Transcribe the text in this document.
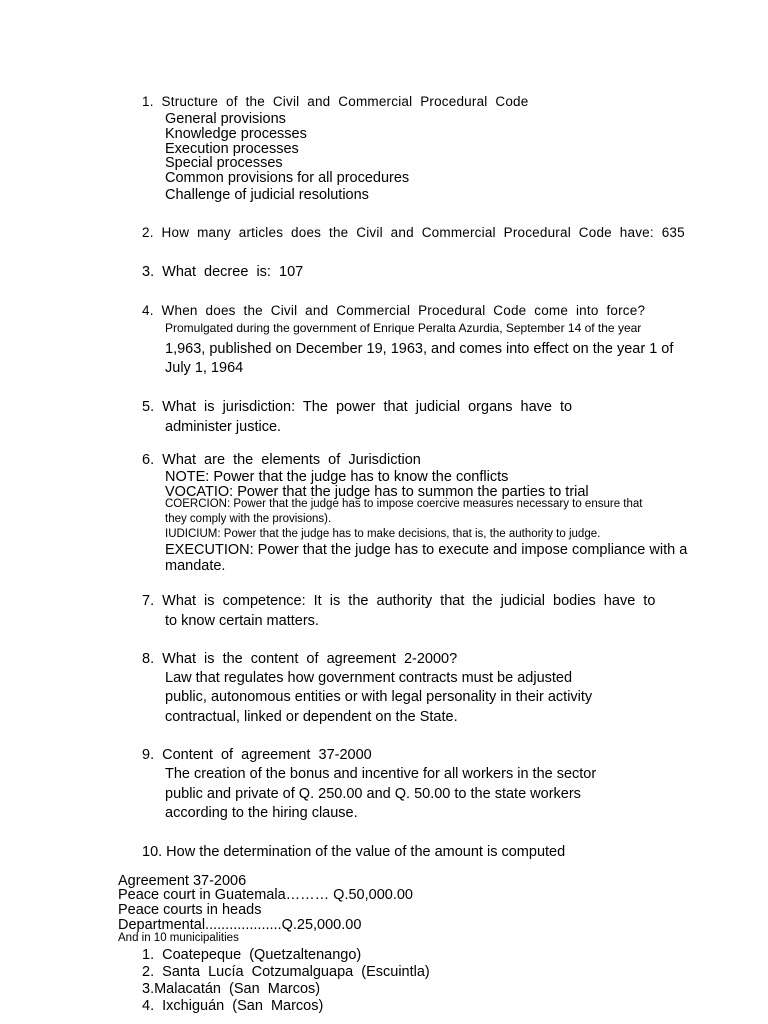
1.  Structure  of  the  Civil  and  Commercial  Procedural  Code
General provisions
Knowledge processes
Execution processes
Special processes
Common provisions for all procedures
Challenge of judicial resolutions
2.  How  many  articles  does  the  Civil  and  Commercial  Procedural  Code  have:  635
3.  What  decree  is:  107
4.  When  does  the  Civil  and  Commercial  Procedural  Code  come  into  force?
Promulgated during the government of Enrique Peralta Azurdia, September 14 of the year
1,963, published on December 19, 1963, and comes into effect on the year 1 of
July 1, 1964
5.  What  is  jurisdiction:  The  power  that  judicial  organs  have  to
administer justice.
6.  What  are  the  elements  of  Jurisdiction
NOTE: Power that the judge has to know the conflicts
VOCATIO: Power that the judge has to summon the parties to trial
COERCION: Power that the judge has to impose coercive measures necessary to ensure that
they comply with the provisions).
IUDICIUM: Power that the judge has to make decisions, that is, the authority to judge.
EXECUTION: Power that the judge has to execute and impose compliance with a
mandate.
7.  What  is  competence:  It  is  the  authority  that  the  judicial  bodies  have  to
to know certain matters.
8.  What  is  the  content  of  agreement  2-2000?
Law that regulates how government contracts must be adjusted
public, autonomous entities or with legal personality in their activity
contractual, linked or dependent on the State.
9.  Content  of  agreement  37-2000
The creation of the bonus and incentive for all workers in the sector
public and private of Q. 250.00 and Q. 50.00 to the state workers
according to the hiring clause.
10. How the determination of the value of the amount is computed
Agreement 37-2006
Peace court in Guatemala……… Q.50,000.00
Peace courts in heads
Departmental...................Q.25,000.00
And in 10 municipalities
1.  Coatepeque  (Quetzaltenango)
2.  Santa  Lucía  Cotzumalguapa  (Escuintla)
3.Malacatán  (San  Marcos)
4.  Ixchiguán  (San  Marcos)
